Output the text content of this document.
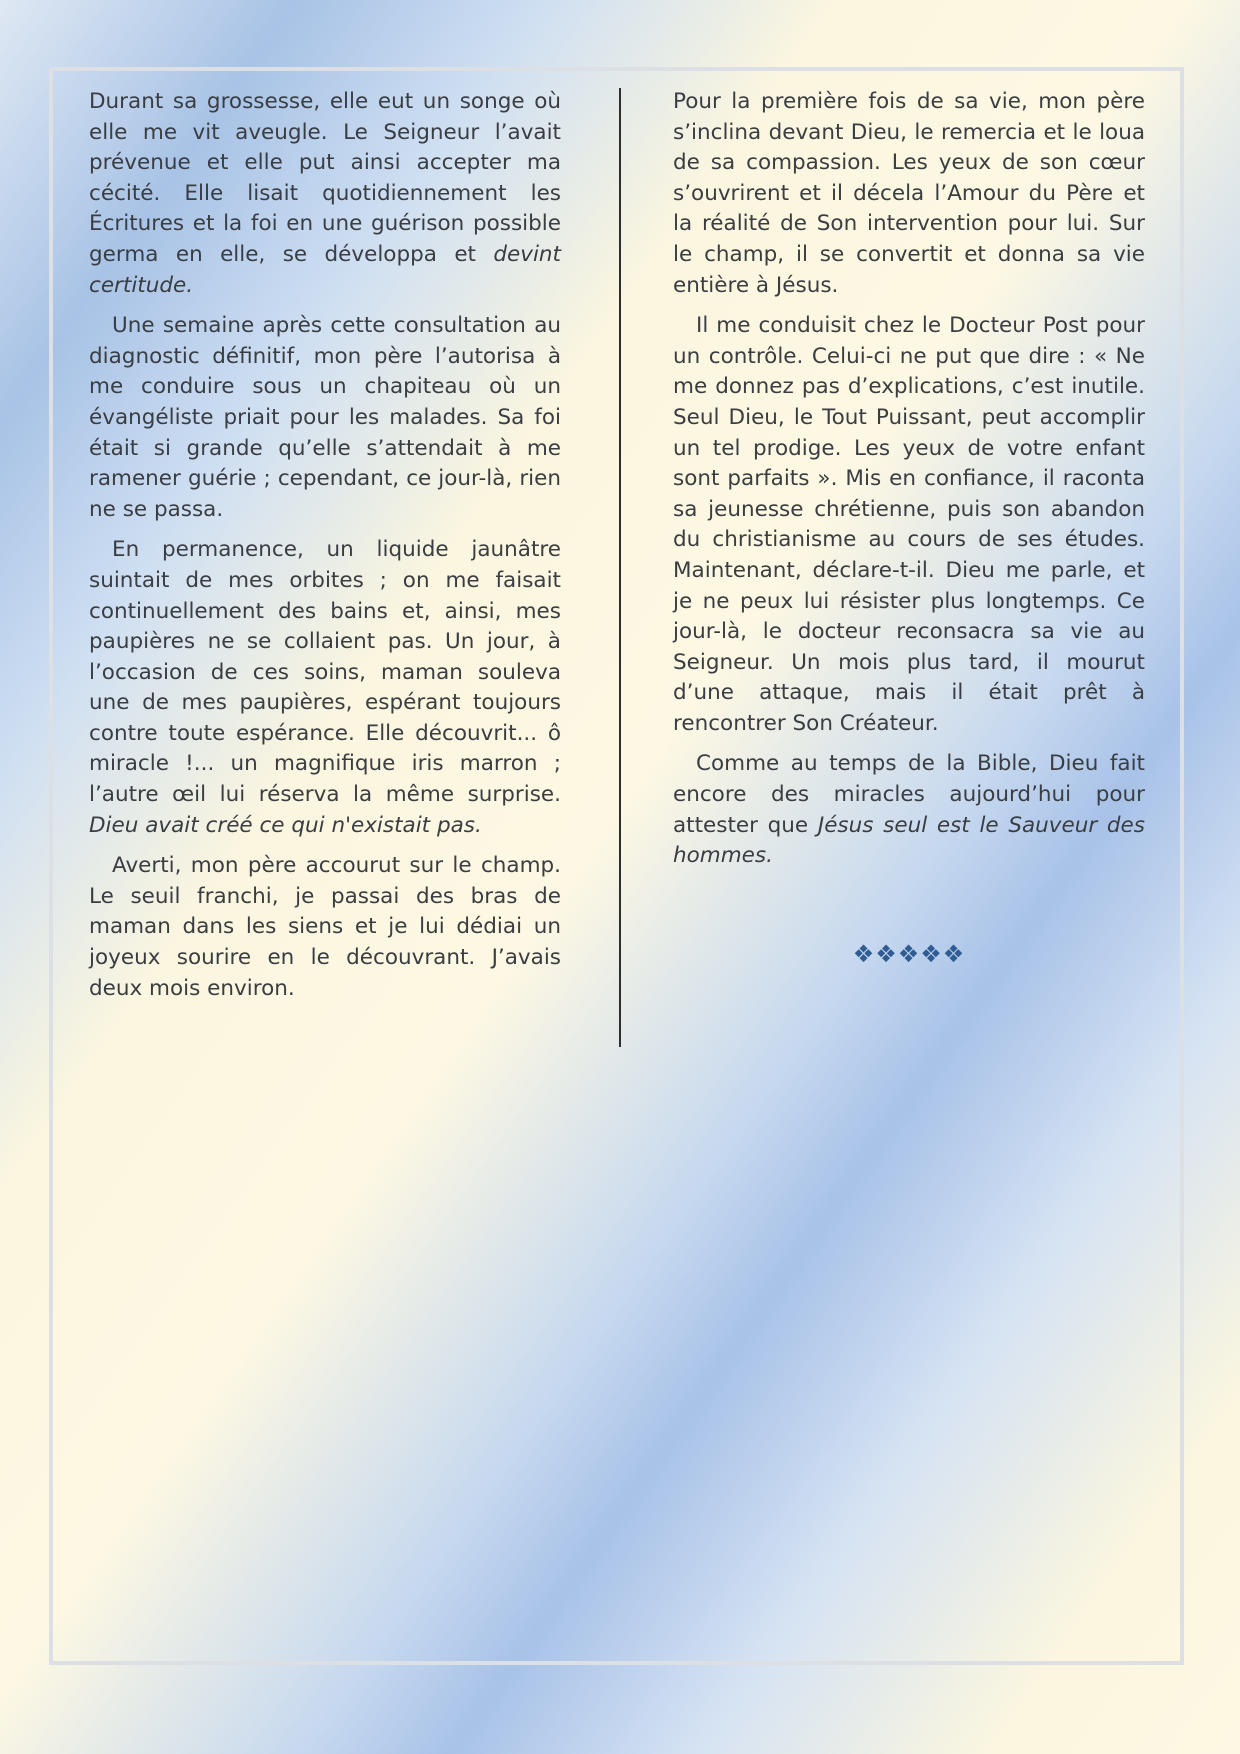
Durant sa grossesse, elle eut un songe où elle me vit aveugle. Le Seigneur l’avait prévenue et elle put ainsi accepter ma cécité. Elle lisait quotidiennement les Écritures et la foi en une guérison possible germa en elle, se développa et devint certitude.

Une semaine après cette consultation au diagnostic définitif, mon père l’autorisa à me conduire sous un chapiteau où un évangéliste priait pour les malades. Sa foi était si grande qu’elle s’attendait à me ramener guérie ; cependant, ce jour-là, rien ne se passa.

En permanence, un liquide jaunâtre suintait de mes orbites ; on me faisait continuellement des bains et, ainsi, mes paupières ne se collaient pas. Un jour, à l’occasion de ces soins, maman souleva une de mes paupières, espérant toujours contre toute espérance. Elle découvrit... ô miracle !... un magnifique iris marron ; l’autre œil lui réserva la même surprise. Dieu avait créé ce qui n'existait pas.

Averti, mon père accourut sur le champ. Le seuil franchi, je passai des bras de maman dans les siens et je lui dédiai un joyeux sourire en le découvrant. J’avais deux mois environ.

Pour la première fois de sa vie, mon père s’inclina devant Dieu, le remercia et le loua de sa compassion. Les yeux de son cœur s’ouvrirent et il décela l’Amour du Père et la réalité de Son intervention pour lui. Sur le champ, il se convertit et donna sa vie entière à Jésus.

Il me conduisit chez le Docteur Post pour un contrôle. Celui-ci ne put que dire : « Ne me donnez pas d’explications, c’est inutile. Seul Dieu, le Tout Puissant, peut accomplir un tel prodige. Les yeux de votre enfant sont parfaits ». Mis en confiance, il raconta sa jeunesse chrétienne, puis son abandon du christianisme au cours de ses études. Maintenant, déclare-t-il. Dieu me parle, et je ne peux lui résister plus longtemps. Ce jour-là, le docteur reconsacra sa vie au Seigneur. Un mois plus tard, il mourut d’une attaque, mais il était prêt à rencontrer Son Créateur.

Comme au temps de la Bible, Dieu fait encore des miracles aujourd’hui pour attester que Jésus seul est le Sauveur des hommes.

❖❖❖❖❖
